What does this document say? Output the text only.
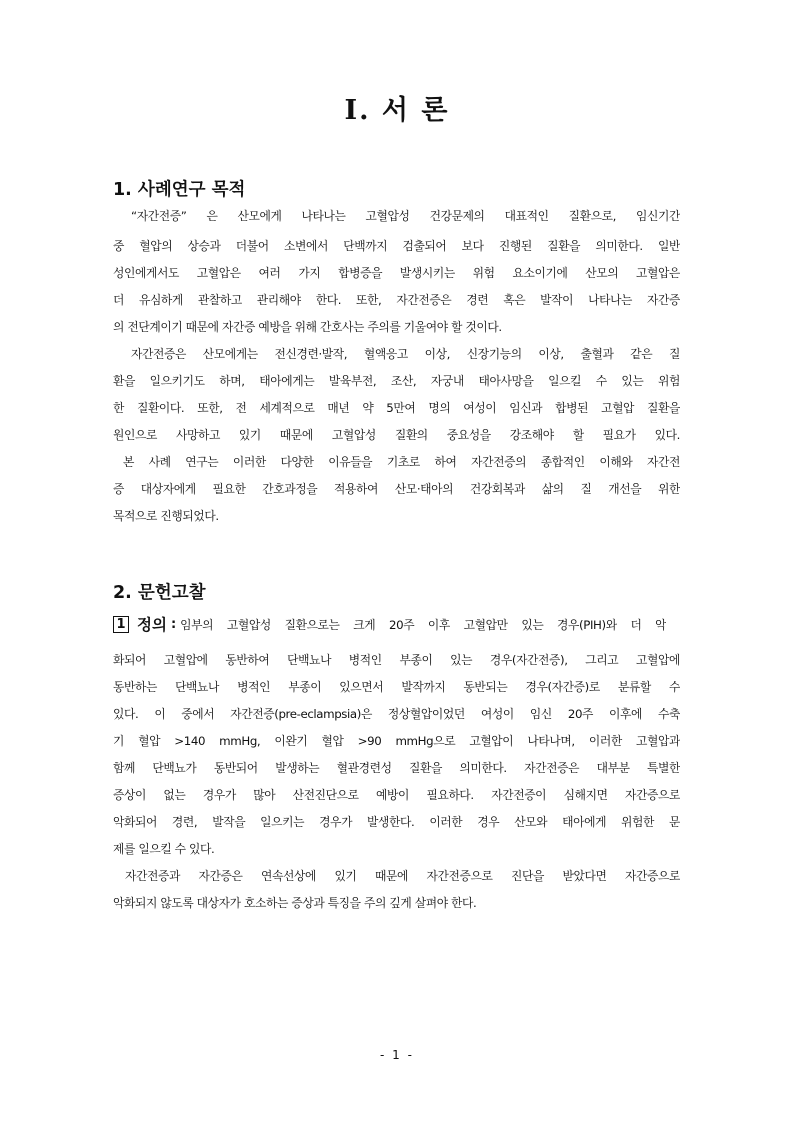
Ⅰ. 서 론
1. 사례연구 목적
“자간전증” 은 산모에게 나타나는 고혈압성 건강문제의 대표적인 질환으로, 임신기간
중 혈압의 상승과 더불어 소변에서 단백까지 검출되어 보다 진행된 질환을 의미한다. 일반
성인에게서도 고혈압은 여러 가지 합병증을 발생시키는 위험 요소이기에 산모의 고혈압은
더 유심하게 관찰하고 관리해야 한다. 또한, 자간전증은 경련 혹은 발작이 나타나는 자간증
의 전단계이기 때문에 자간증 예방을 위해 간호사는 주의를 기울여야 할 것이다.
자간전증은 산모에게는 전신경련·발작, 혈액응고 이상, 신장기능의 이상, 출혈과 같은 질
환을 일으키기도 하며, 태아에게는 발육부전, 조산, 자궁내 태아사망을 일으킬 수 있는 위험
한 질환이다. 또한, 전 세계적으로 매년 약 5만여 명의 여성이 임신과 합병된 고혈압 질환을
원인으로 사망하고 있기 때문에 고혈압성 질환의 중요성을 강조해야 할 필요가 있다.
본 사례 연구는 이러한 다양한 이유들을 기초로 하여 자간전증의 종합적인 이해와 자간전
증 대상자에게 필요한 간호과정을 적용하여 산모·태아의 건강회복과 삶의 질 개선을 위한
목적으로 진행되었다.
2. 문헌고찰
1 정의 : 임부의 고혈압성 질환으로는 크게 20주 이후 고혈압만 있는 경우(PIH)와 더 악
화되어 고혈압에 동반하여 단백뇨나 병적인 부종이 있는 경우(자간전증), 그리고 고혈압에
동반하는 단백뇨나 병적인 부종이 있으면서 발작까지 동반되는 경우(자간증)로 분류할 수
있다. 이 중에서 자간전증(pre-eclampsia)은 정상혈압이었던 여성이 임신 20주 이후에 수축
기 혈압 >140 mmHg, 이완기 혈압 >90 mmHg으로 고혈압이 나타나며, 이러한 고혈압과
함께 단백뇨가 동반되어 발생하는 혈관경련성 질환을 의미한다. 자간전증은 대부분 특별한
증상이 없는 경우가 많아 산전진단으로 예방이 필요하다. 자간전증이 심해지면 자간증으로
악화되어 경련, 발작을 일으키는 경우가 발생한다. 이러한 경우 산모와 태아에게 위험한 문
제를 일으킬 수 있다.
자간전증과 자간증은 연속선상에 있기 때문에 자간전증으로 진단을 받았다면 자간증으로
악화되지 않도록 대상자가 호소하는 증상과 특징을 주의 깊게 살펴야 한다.
- 1 -
